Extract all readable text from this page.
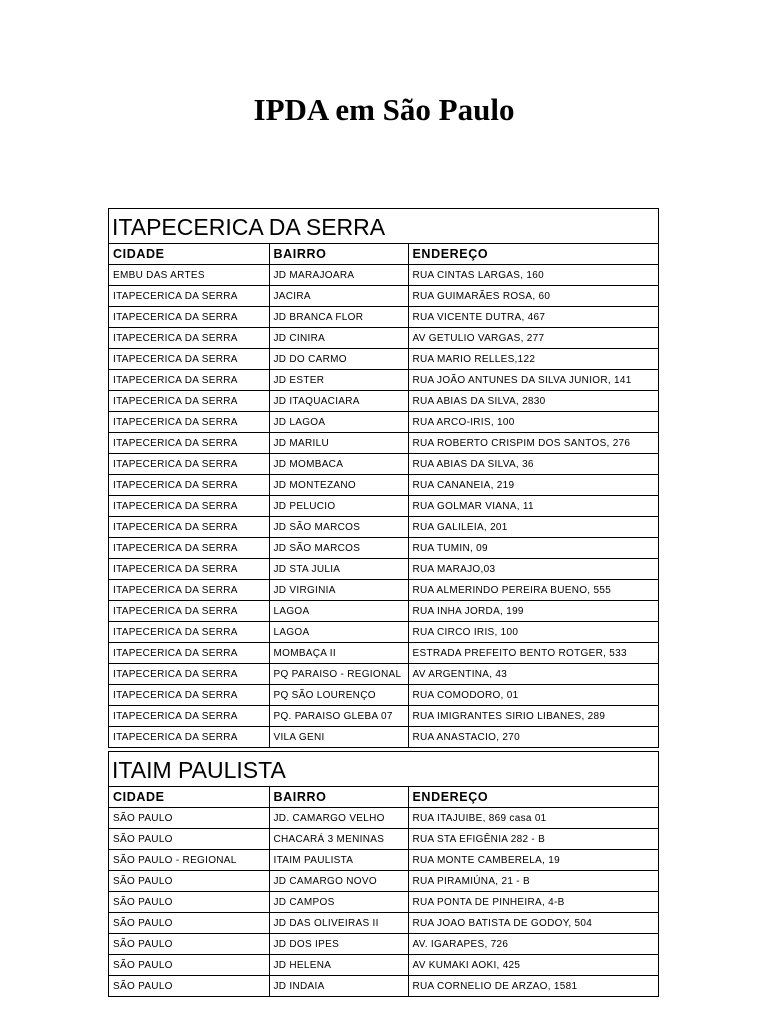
IPDA em São Paulo
ITAPECERICA DA SERRA
CIDADE	BAIRRO	ENDEREÇO
EMBU DAS ARTES	JD MARAJOARA	RUA CINTAS LARGAS, 160
ITAPECERICA DA SERRA	JACIRA	RUA GUIMARÃES ROSA, 60
ITAPECERICA DA SERRA	JD BRANCA FLOR	RUA VICENTE DUTRA, 467
ITAPECERICA DA SERRA	JD CINIRA	AV GETULIO VARGAS, 277
ITAPECERICA DA SERRA	JD DO CARMO	RUA MARIO RELLES,122
ITAPECERICA DA SERRA	JD ESTER	RUA JOÃO ANTUNES DA SILVA JUNIOR, 141
ITAPECERICA DA SERRA	JD ITAQUACIARA	RUA ABIAS DA SILVA, 2830
ITAPECERICA DA SERRA	JD LAGOA	RUA ARCO-IRIS, 100
ITAPECERICA DA SERRA	JD MARILU	RUA ROBERTO CRISPIM DOS SANTOS, 276
ITAPECERICA DA SERRA	JD MOMBACA	RUA ABIAS DA SILVA, 36
ITAPECERICA DA SERRA	JD MONTEZANO	RUA CANANEIA, 219
ITAPECERICA DA SERRA	JD PELUCIO	RUA GOLMAR VIANA, 11
ITAPECERICA DA SERRA	JD SÃO MARCOS	RUA GALILEIA, 201
ITAPECERICA DA SERRA	JD SÃO MARCOS	RUA TUMIN, 09
ITAPECERICA DA SERRA	JD STA JULIA	RUA MARAJO,03
ITAPECERICA DA SERRA	JD VIRGINIA	RUA ALMERINDO PEREIRA BUENO, 555
ITAPECERICA DA SERRA	LAGOA	RUA INHA JORDA, 199
ITAPECERICA DA SERRA	LAGOA	RUA CIRCO IRIS, 100
ITAPECERICA DA SERRA	MOMBAÇA II	ESTRADA PREFEITO BENTO ROTGER, 533
ITAPECERICA DA SERRA	PQ PARAISO - REGIONAL	AV ARGENTINA, 43
ITAPECERICA DA SERRA	PQ SÃO LOURENÇO	RUA COMODORO, 01
ITAPECERICA DA SERRA	PQ. PARAISO GLEBA 07	RUA IMIGRANTES SIRIO LIBANES, 289
ITAPECERICA DA SERRA	VILA GENI	RUA ANASTACIO, 270
ITAIM PAULISTA
CIDADE	BAIRRO	ENDEREÇO
SÃO PAULO	JD. CAMARGO VELHO	RUA ITAJUIBE, 869 casa 01
SÃO PAULO	CHACARÁ 3 MENINAS	RUA STA EFIGÊNIA 282 - B
SÃO PAULO - REGIONAL	ITAIM PAULISTA	RUA MONTE CAMBERELA, 19
SÃO PAULO	JD CAMARGO NOVO	RUA PIRAMIÚNA, 21 - B
SÃO PAULO	JD CAMPOS	RUA PONTA DE PINHEIRA, 4-B
SÃO PAULO	JD DAS OLIVEIRAS II	RUA JOAO BATISTA DE GODOY, 504
SÃO PAULO	JD DOS IPES	AV. IGARAPES, 726
SÃO PAULO	JD HELENA	AV KUMAKI AOKI, 425
SÃO PAULO	JD INDAIA	RUA CORNELIO DE ARZAO, 1581
